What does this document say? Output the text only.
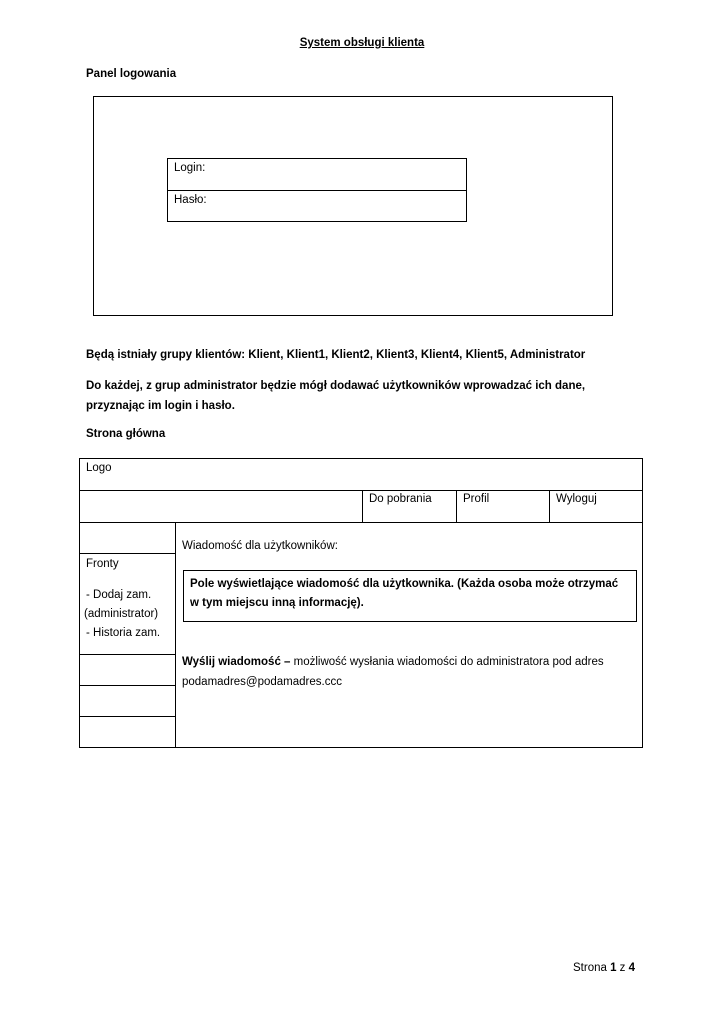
System obsługi klienta
Panel logowania
Login:
Hasło:
Będą istniały grupy klientów: Klient, Klient1, Klient2, Klient3, Klient4, Klient5, Administrator
Do każdej, z grup administrator będzie mógł dodawać użytkowników wprowadzać ich dane, przyznając im login i hasło.
Strona główna
Logo
Do pobrania	Profil	Wyloguj
Fronty
- Dodaj zam.
(administrator)
- Historia zam.
Wiadomość dla użytkowników:
Pole wyświetlające wiadomość dla użytkownika. (Każda osoba może otrzymać w tym miejscu inną informację).
Wyślij wiadomość – możliwość wysłania wiadomości do administratora pod adres podamadres@podamadres.ccc
Strona 1 z 4
